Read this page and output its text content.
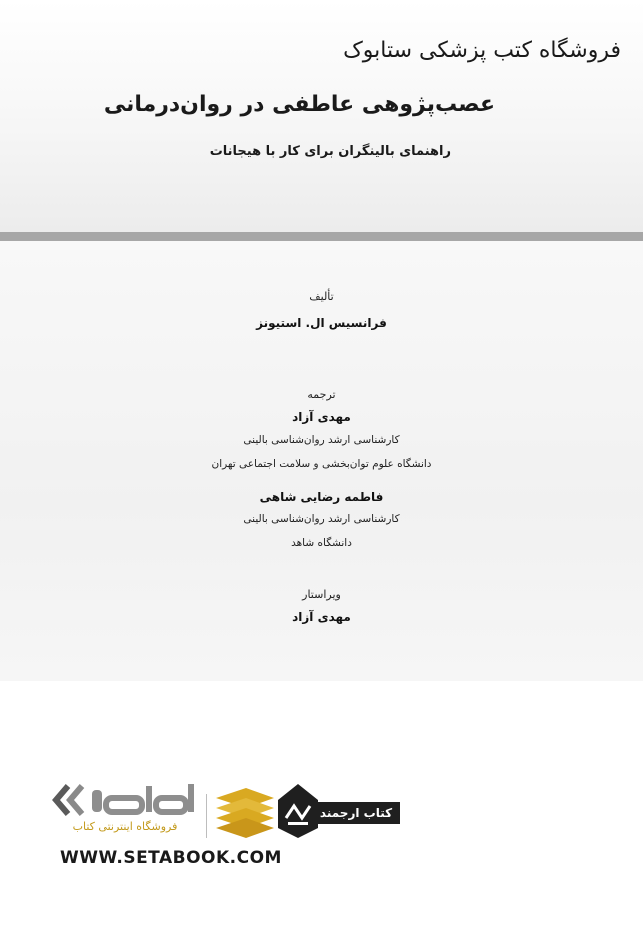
فروشگاه کتب پزشکی ستابوک
عصب‌پژوهی عاطفی در روان‌درمانی
راهنمای بالینگران برای کار با هیجانات
تألیف
فرانسیس ال. استیونز
ترجمه
مهدی آزاد
کارشناسی ارشد روان‌شناسی بالینی
دانشگاه علوم توان‌بخشی و سلامت اجتماعی تهران
فاطمه رضایی شاهی
کارشناسی ارشد روان‌شناسی بالینی
دانشگاه شاهد
ویراستار
مهدی آزاد
فروشگاه اینترنتی کتاب
کتاب ارجمند
WWW.SETABOOK.COM
